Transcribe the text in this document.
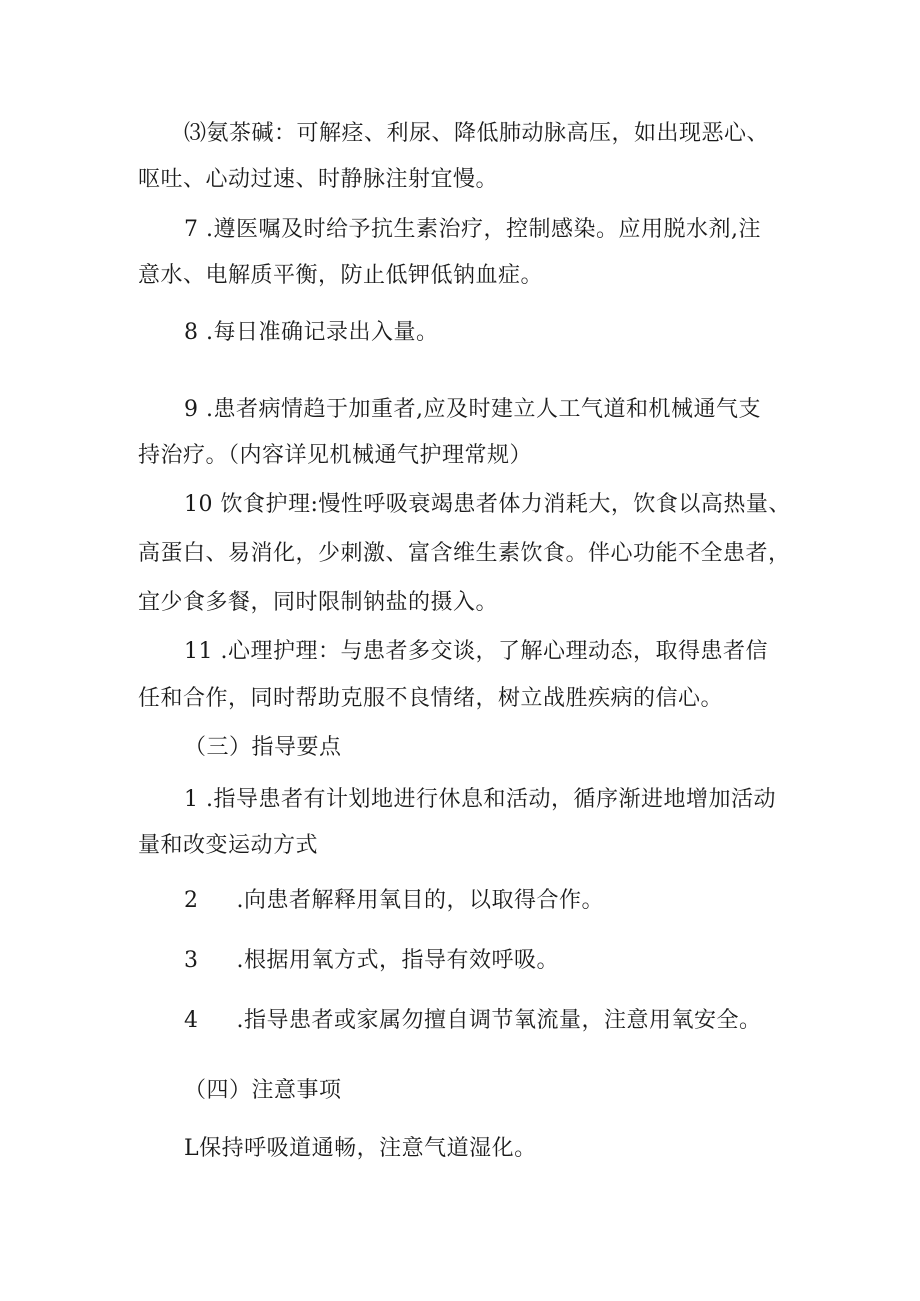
⑶氨茶碱：可解痉、利尿、降低肺动脉高压，如出现恶心、
呕吐、心动过速、时静脉注射宜慢。
7 .遵医嘱及时给予抗生素治疗，控制感染。应用脱水剂,注
意水、电解质平衡，防止低钾低钠血症。
8 .每日准确记录出入量。
9 .患者病情趋于加重者,应及时建立人工气道和机械通气支
持治疗。（内容详见机械通气护理常规）
10 饮食护理:慢性呼吸衰竭患者体力消耗大，饮食以高热量、
高蛋白、易消化，少刺激、富含维生素饮食。伴心功能不全患者，
宜少食多餐，同时限制钠盐的摄入。
11 .心理护理：与患者多交谈，了解心理动态，取得患者信
任和合作，同时帮助克服不良情绪，树立战胜疾病的信心。
（三）指导要点
1 .指导患者有计划地进行休息和活动，循序渐进地增加活动
量和改变运动方式
2 .向患者解释用氧目的，以取得合作。
3 .根据用氧方式，指导有效呼吸。
4 .指导患者或家属勿擅自调节氧流量，注意用氧安全。
（四）注意事项
L保持呼吸道通畅，注意气道湿化。
